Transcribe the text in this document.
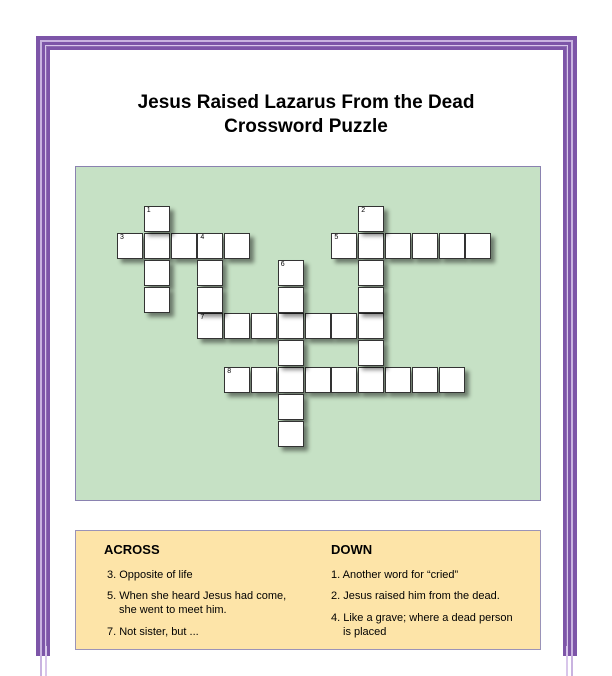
Jesus Raised Lazarus From the Dead
Crossword Puzzle
3	4	5
7
8
1	2
6
ACROSS	DOWN
3. Opposite of life
5. When she heard Jesus had come, she went to meet him.
7. Not sister, but ...
1. Another word for “cried”
2. Jesus raised him from the dead.
4. Like a grave; where a dead person is placed
